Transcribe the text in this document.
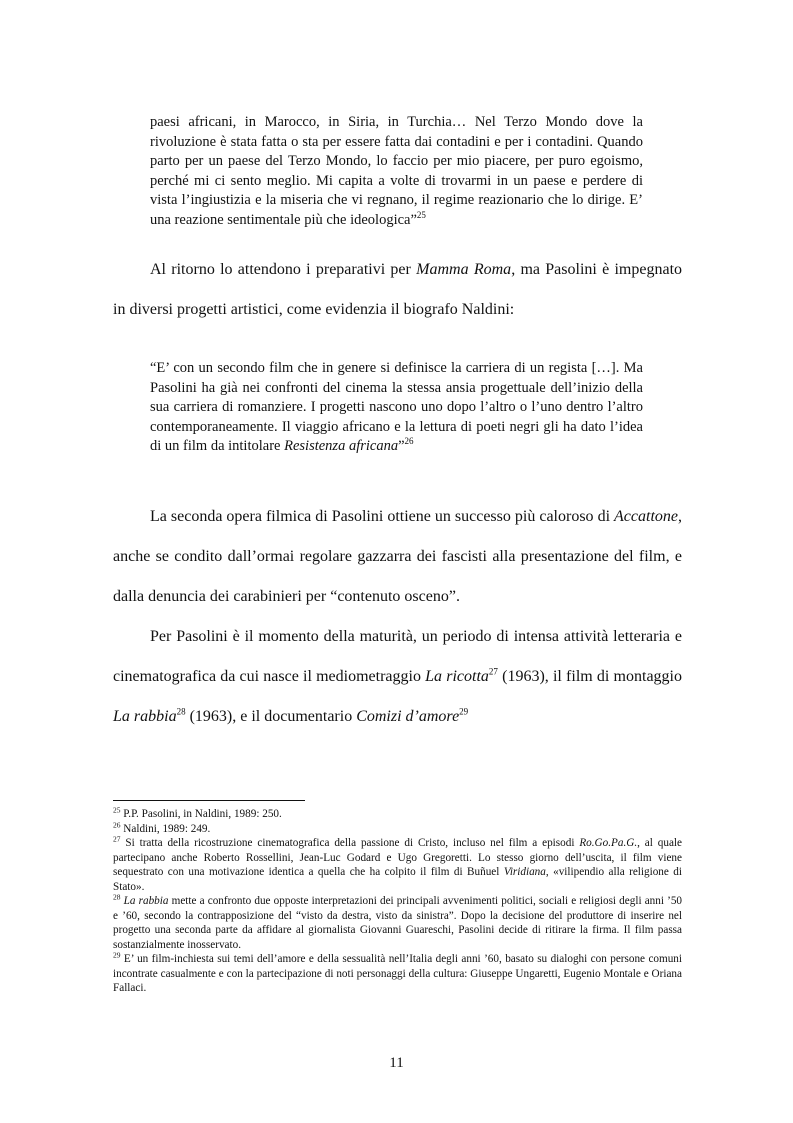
paesi africani, in Marocco, in Siria, in Turchia… Nel Terzo Mondo dove la rivoluzione è stata fatta o sta per essere fatta dai contadini e per i contadini. Quando parto per un paese del Terzo Mondo, lo faccio per mio piacere, per puro egoismo, perché mi ci sento meglio. Mi capita a volte di trovarmi in un paese e perdere di vista l’ingiustizia e la miseria che vi regnano, il regime reazionario che lo dirige. E’ una reazione sentimentale più che ideologica”$^{25}$

Al ritorno lo attendono i preparativi per Mamma Roma, ma Pasolini è impegnato in diversi progetti artistici, come evidenzia il biografo Naldini:

“E’ con un secondo film che in genere si definisce la carriera di un regista […]. Ma Pasolini ha già nei confronti del cinema la stessa ansia progettuale dell’inizio della sua carriera di romanziere. I progetti nascono uno dopo l’altro o l’uno dentro l’altro contemporaneamente. Il viaggio africano e la lettura di poeti negri gli ha dato l’idea di un film da intitolare Resistenza africana”$^{26}$

La seconda opera filmica di Pasolini ottiene un successo più caloroso di Accattone, anche se condito dall’ormai regolare gazzarra dei fascisti alla presentazione del film, e dalla denuncia dei carabinieri per “contenuto osceno”.

Per Pasolini è il momento della maturità, un periodo di intensa attività letteraria e cinematografica da cui nasce il mediometraggio La ricotta$^{27}$ (1963), il film di montaggio La rabbia$^{28}$ (1963), e il documentario Comizi d’amore$^{29}$

$^{25}$ P.P. Pasolini, in Naldini, 1989: 250.

$^{26}$ Naldini, 1989: 249.

$^{27}$ Si tratta della ricostruzione cinematografica della passione di Cristo, incluso nel film a episodi Ro.Go.Pa.G., al quale partecipano anche Roberto Rossellini, Jean-Luc Godard e Ugo Gregoretti. Lo stesso giorno dell’uscita, il film viene sequestrato con una motivazione identica a quella che ha colpito il film di Buñuel Viridiana, «vilipendio alla religione di Stato».

$^{28}$ La rabbia mette a confronto due opposte interpretazioni dei principali avvenimenti politici, sociali e religiosi degli anni ’50 e ’60, secondo la contrapposizione del “visto da destra, visto da sinistra”. Dopo la decisione del produttore di inserire nel progetto una seconda parte da affidare al giornalista Giovanni Guareschi, Pasolini decide di ritirare la firma. Il film passa sostanzialmente inosservato.

$^{29}$ E’ un film-inchiesta sui temi dell’amore e della sessualità nell’Italia degli anni ’60, basato su dialoghi con persone comuni incontrate casualmente e con la partecipazione di noti personaggi della cultura: Giuseppe Ungaretti, Eugenio Montale e Oriana Fallaci.

11
